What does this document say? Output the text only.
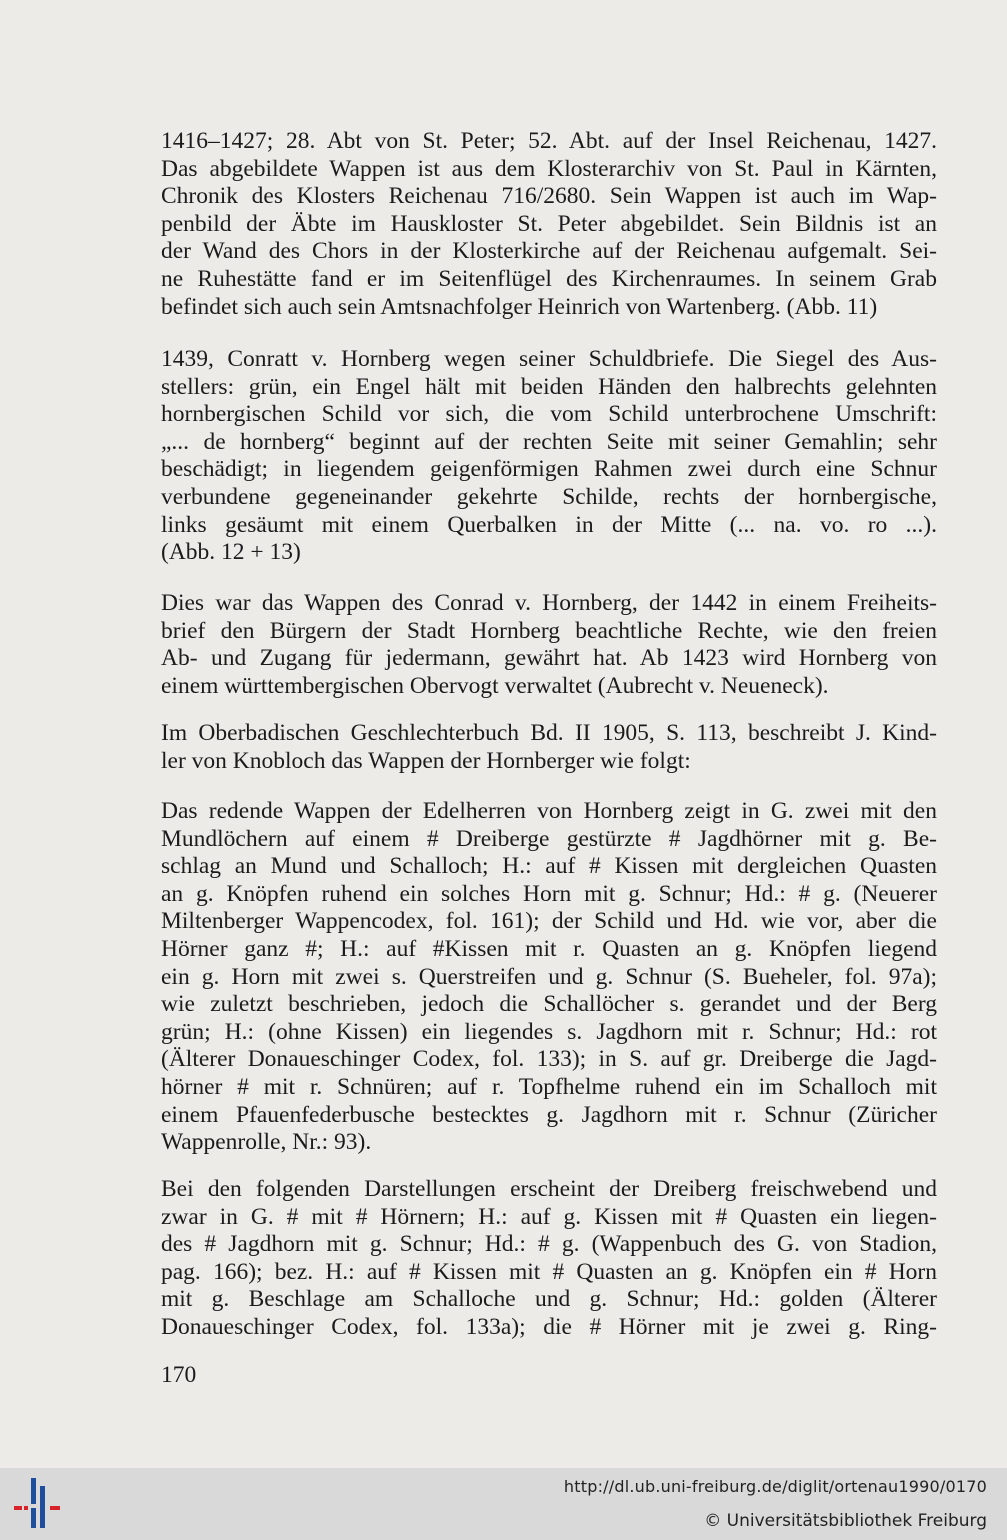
1416–1427; 28. Abt von St. Peter; 52. Abt. auf der Insel Reichenau, 1427.
Das abgebildete Wappen ist aus dem Klosterarchiv von St. Paul in Kärnten,
Chronik des Klosters Reichenau 716/2680. Sein Wappen ist auch im Wap-
penbild der Äbte im Hauskloster St. Peter abgebildet. Sein Bildnis ist an
der Wand des Chors in der Klosterkirche auf der Reichenau aufgemalt. Sei-
ne Ruhestätte fand er im Seitenflügel des Kirchenraumes. In seinem Grab
befindet sich auch sein Amtsnachfolger Heinrich von Wartenberg. (Abb. 11)
1439, Conratt v. Hornberg wegen seiner Schuldbriefe. Die Siegel des Aus-
stellers: grün, ein Engel hält mit beiden Händen den halbrechts gelehnten
hornbergischen Schild vor sich, die vom Schild unterbrochene Umschrift:
„... de hornberg“ beginnt auf der rechten Seite mit seiner Gemahlin; sehr
beschädigt; in liegendem geigenförmigen Rahmen zwei durch eine Schnur
verbundene gegeneinander gekehrte Schilde, rechts der hornbergische,
links gesäumt mit einem Querbalken in der Mitte (... na. vo. ro ...).
(Abb. 12 + 13)
Dies war das Wappen des Conrad v. Hornberg, der 1442 in einem Freiheits-
brief den Bürgern der Stadt Hornberg beachtliche Rechte, wie den freien
Ab- und Zugang für jedermann, gewährt hat. Ab 1423 wird Hornberg von
einem württembergischen Obervogt verwaltet (Aubrecht v. Neueneck).
Im Oberbadischen Geschlechterbuch Bd. II 1905, S. 113, beschreibt J. Kind-
ler von Knobloch das Wappen der Hornberger wie folgt:
Das redende Wappen der Edelherren von Hornberg zeigt in G. zwei mit den
Mundlöchern auf einem # Dreiberge gestürzte # Jagdhörner mit g. Be-
schlag an Mund und Schalloch; H.: auf # Kissen mit dergleichen Quasten
an g. Knöpfen ruhend ein solches Horn mit g. Schnur; Hd.: # g. (Neuerer
Miltenberger Wappencodex, fol. 161); der Schild und Hd. wie vor, aber die
Hörner ganz #; H.: auf #Kissen mit r. Quasten an g. Knöpfen liegend
ein g. Horn mit zwei s. Querstreifen und g. Schnur (S. Bueheler, fol. 97a);
wie zuletzt beschrieben, jedoch die Schallöcher s. gerandet und der Berg
grün; H.: (ohne Kissen) ein liegendes s. Jagdhorn mit r. Schnur; Hd.: rot
(Älterer Donaueschinger Codex, fol. 133); in S. auf gr. Dreiberge die Jagd-
hörner # mit r. Schnüren; auf r. Topfhelme ruhend ein im Schalloch mit
einem Pfauenfederbusche bestecktes g. Jagdhorn mit r. Schnur (Züricher
Wappenrolle, Nr.: 93).
Bei den folgenden Darstellungen erscheint der Dreiberg freischwebend und
zwar in G. # mit # Hörnern; H.: auf g. Kissen mit # Quasten ein liegen-
des # Jagdhorn mit g. Schnur; Hd.: # g. (Wappenbuch des G. von Stadion,
pag. 166); bez. H.: auf # Kissen mit # Quasten an g. Knöpfen ein # Horn
mit g. Beschlage am Schalloche und g. Schnur; Hd.: golden (Älterer
Donaueschinger Codex, fol. 133a); die # Hörner mit je zwei g. Ring-
170
http://dl.ub.uni-freiburg.de/diglit/ortenau1990/0170
© Universitätsbibliothek Freiburg
